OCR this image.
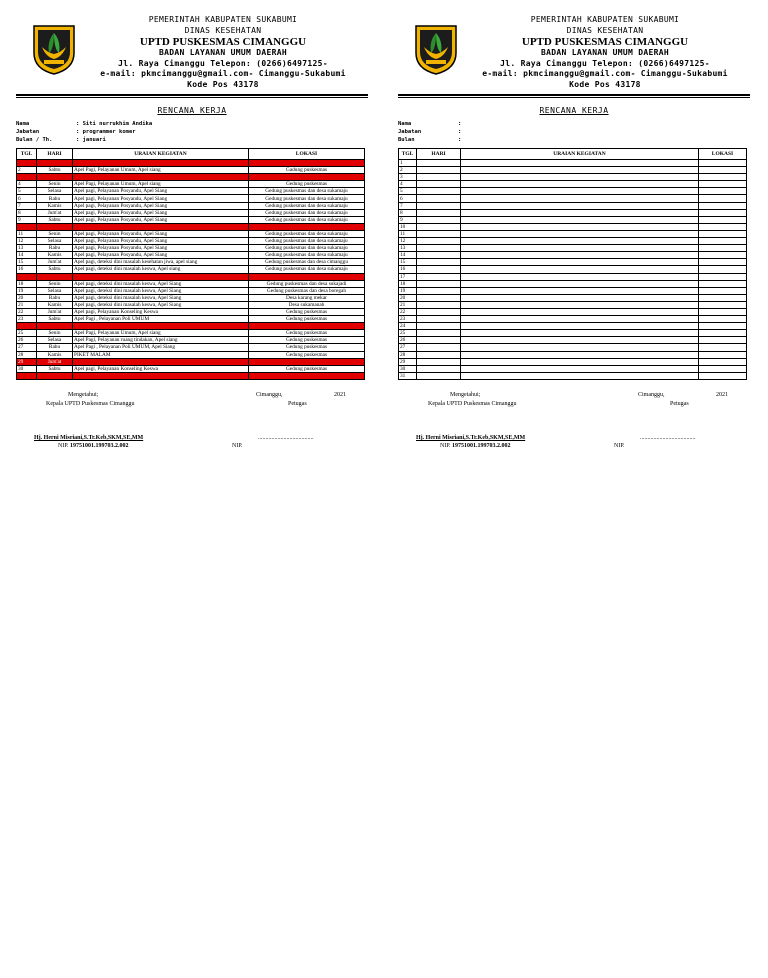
PEMERINTAH KABUPATEN SUKABUMI
DINAS KESEHATAN
UPTD PUSKESMAS CIMANGGU
BADAN LAYANAN UMUM DAERAH
Jl. Raya Cimanggu Telepon: (0266)6497125-
e-mail: pkmcimanggu@gmail.com- Cimanggu-Sukabumi
Kode Pos 43178
RENCANA KERJA
Nama	: Siti nurrukhim Andika
Jabatan	: programmer komer
Bulan / Th.	: januari
TGL	HARI	URAIAN KEGIATAN	LOKASI

2	Sabtu	Apel Pagi, Pelayanan Umum, Apel siang	Gadung puskesmas

4	Senin	Apel Pagi, Pelayanan Umum, Apel siang	Gedung puskesmas
5	Selasa	Apel pagi, Pelayanan Posyandu, Apel Siang	Gedung puskesmas dan desa sukamaju
6	Rabu	Apel pagi, Pelayanan Posyandu, Apel Siang	Gedung puskesmas dan desa sukamaju
7	Kamis	Apel pagi, Pelayanan Posyandu, Apel Siang	Gedung puskesmas dan desa sukamaju
8	Jum'at	Apel pagi, Pelayanan Posyandu, Apel Siang	Gedung puskesmas dan desa sukamaju
9	Sabtu	Apel pagi, Pelayanan Posyandu, Apel Siang	Gedung puskesmas dan desa sukamaju

11	Senin	Apel pagi, Pelayanan Posyandu, Apel Siang	Gedung puskesmas dan desa sukamaju
12	Selasa	Apel pagi, Pelayanan Posyandu, Apel Siang	Gedung puskesmas dan desa sukamaju
13	Rabu	Apel pagi, Pelayanan Posyandu, Apel Siang	Gedung puskesmas dan desa sukamaju
14	Kamis	Apel pagi, Pelayanan Posyandu, Apel Siang	Gedung puskesmas dan desa sukamaju
15	Jum'at	Apel pagi, deteksi dini masalah kesehatan jiwa, apel siang	Gedung puskesmas dan desa cimanggu
16	Sabtu	Apel pagi, deteksi dini masalah keswa, Apel siang	Gedung puskesmas dan desa sukamaju

18	Senin	Apel pagi, deteksi dini masalah keswa, Apel Siang	Gedung puskesmas dan desa sukajadi
19	Selasa	Apel pagi, deteksi dini masalah keswa, Apel Siang	Gedung puskesmas dan desa boregah
20	Rabu	Apel pagi, deteksi dini masalah keswa, Apel Siang	Desa karang mekar
21	Kamis	Apel pagi, deteksi dini masalah keswa, Apel Siang	Desa sukamanah
22	Jum'at	Apel pagi, Pelayanan Konseling Keswa	Gedung puskesmas
23	Sabtu	Apel Pagi , Pelayanan Poli UMUM	Gedung puskesmas

25	Senin	Apel Pagi, Pelayanan Umum, Apel siang	Gedung puskesmas
26	Selasa	Apel Pagi, Pelayanan ruang tindakan, Apel siang	Gedung puskesmas
27	Rabu	Apel Pagi , Pelayanan Poli UMUM, Apel Siang	Gedung puskesmas
28	Kamis	PIKET MALAM	Gedung puskesmas
29	Jum'at		
30	Sabtu	Apel pagi, Pelayanan Konseling Keswa	Gedung puskesmas

Mengetahui;
Kepala UPTD Puskesmas Cimanggu
Cimanggu,	2021
Petugas
Hj. Herni Misriani,S.Tr.Keb,SKM,SE,MM	.....................................
NIP. 19751001.199703.2.002	NIP.
PEMERINTAH KABUPATEN SUKABUMI
DINAS KESEHATAN
UPTD PUSKESMAS CIMANGGU
BADAN LAYANAN UMUM DAERAH
Jl. Raya Cimanggu Telepon: (0266)6497125-
e-mail: pkmcimanggu@gmail.com- Cimanggu-Sukabumi
Kode Pos 43178
RENCANA KERJA
Nama	:
Jabatan	:
Bulan	:
TGL	HARI	URAIAN KEGIATAN	LOKASI
1			
2			
3			
4			
5			
6			
7			
8			
9			
10			
11			
12			
13			
14			
15			
16			
17			
18			
19			
20			
21			
22			
23			
24			
25			
26			
27			
28			
29			
30			
31			
Mengetahui;
Kepala UPTD Puskesmas Cimanggu
Cimanggu,	2021
Petugas
Hj. Herni Misriani,S.Tr.Keb,SKM,SE,MM	.....................................
NIP. 19751001.199703.2.002	NIP.
